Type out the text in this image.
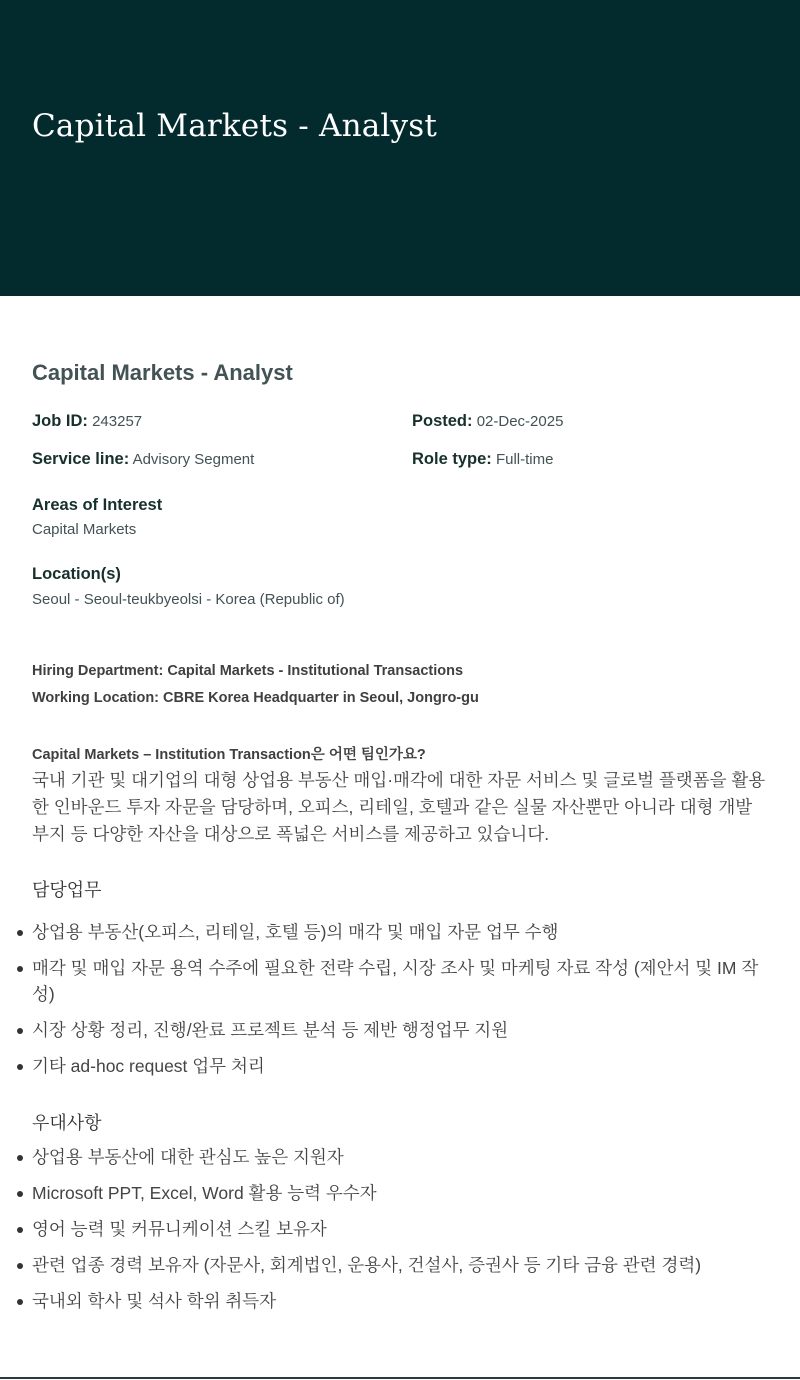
Capital Markets - Analyst
Capital Markets - Analyst
Job ID: 243257	Posted: 02-Dec-2025
Service line: Advisory Segment	Role type: Full-time
Areas of Interest
Capital Markets
Location(s)
Seoul - Seoul-teukbyeolsi - Korea (Republic of)
Hiring Department: Capital Markets - Institutional Transactions
Working Location: CBRE Korea Headquarter in Seoul, Jongro-gu
Capital Markets – Institution Transaction은 어떤 팀인가요?

국내 기관 및 대기업의 대형 상업용 부동산 매입·매각에 대한 자문 서비스 및 글로벌 플랫폼을 활용한 인바운드 투자 자문을 담당하며, 오피스, 리테일, 호텔과 같은 실물 자산뿐만 아니라 대형 개발 부지 등 다양한 자산을 대상으로 폭넓은 서비스를 제공하고 있습니다.

담당업무
상업용 부동산(오피스, 리테일, 호텔 등)의 매각 및 매입 자문 업무 수행
매각 및 매입 자문 용역 수주에 필요한 전략 수립, 시장 조사 및 마케팅 자료 작성 (제안서 및 IM 작성)
시장 상황 정리, 진행/완료 프로젝트 분석 등 제반 행정업무 지원
기타 ad-hoc request 업무 처리
우대사항
상업용 부동산에 대한 관심도 높은 지원자
Microsoft PPT, Excel, Word 활용 능력 우수자
영어 능력 및 커뮤니케이션 스킬 보유자
관련 업종 경력 보유자 (자문사, 회계법인, 운용사, 건설사, 증권사 등 기타 금융 관련 경력)
국내외 학사 및 석사 학위 취득자
